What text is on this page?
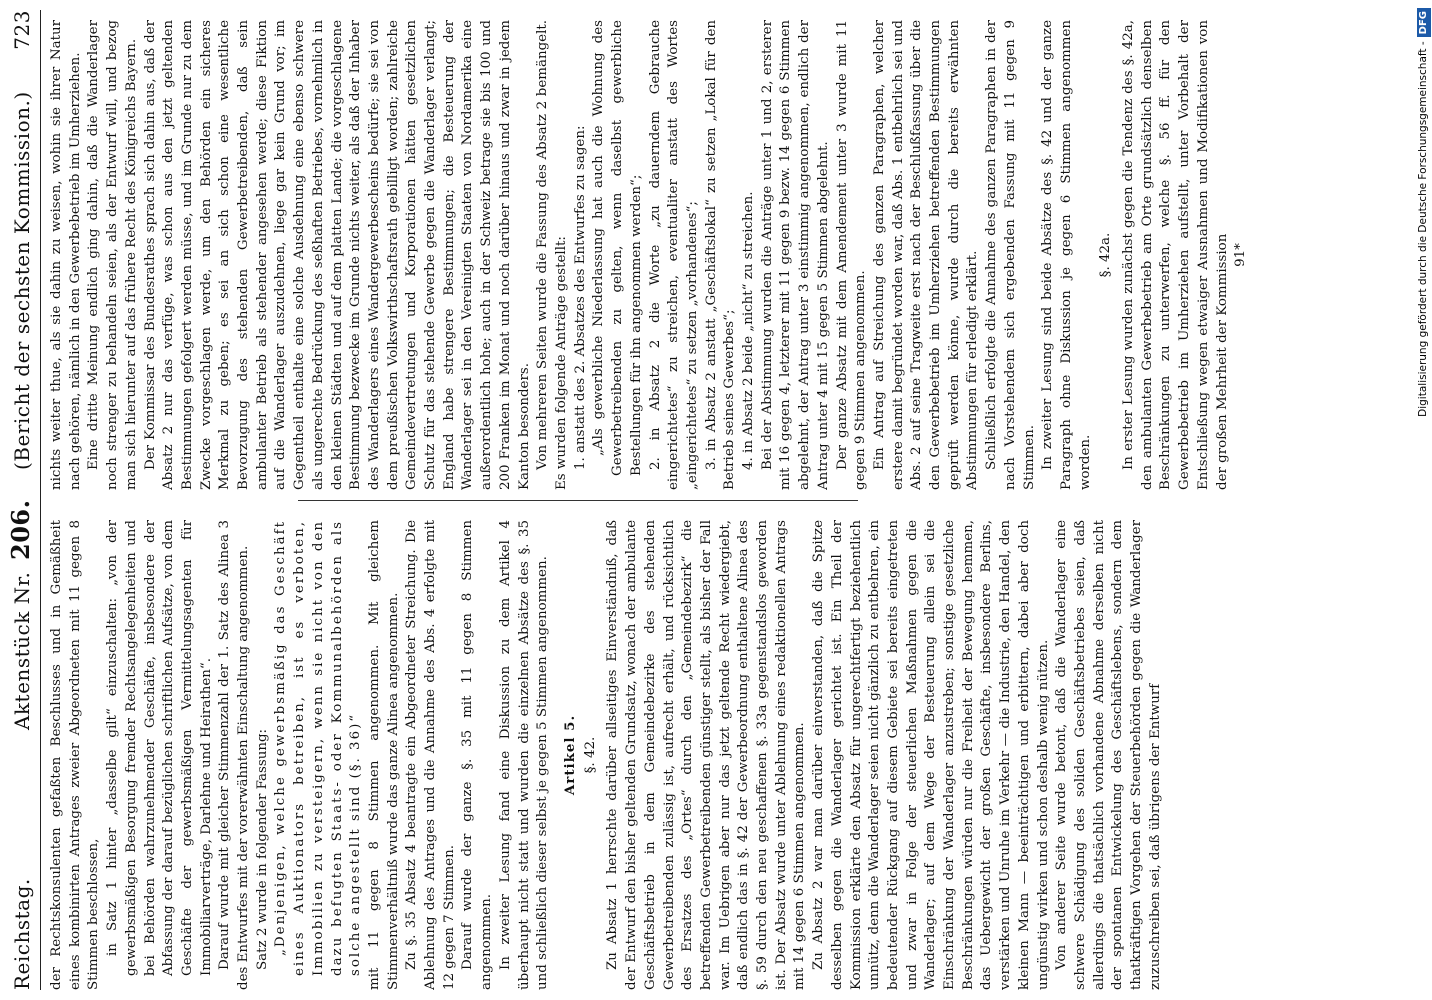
Reichstag.
Aktenstück Nr.
206.
(Bericht der sechsten Kommission.)
723

der Rechtskonsulenten gefaßten Beschlusses und in Gemäßheit eines kombinirten Antrages zweier Abgeordneten mit 11 gegen 8 Stimmen beschlossen, in Satz 1 hinter „dasselbe gilt“ einzuschalten: „von der gewerbsmäßigen Besorgung fremder Rechtsangelegenheiten und bei Behörden wahrzunehmender Geschäfte, insbesondere der Abfassung der darauf bezüglichen schriftlichen Aufsätze, von dem Geschäfte der gewerbsmäßigen Vermittelungsagenten für Immobiliarverträge, Darlehne und Heirathen“. Darauf wurde mit gleicher Stimmenzahl der 1. Satz des Alinea 3 des Entwurfes mit der vorerwähnten Einschaltung angenommen. Satz 2 wurde in folgender Fassung: „Denjenigen, welche gewerbsmäßig das Geschäft eines Auktionators betreiben, ist es verboten, Immobilien zu versteigern, wenn sie nicht von den dazu befugten Staats- oder Kommunalbehörden als solche angestellt sind (§. 36)“ mit 11 gegen 8 Stimmen angenommen. Mit gleichem Stimmenverhältniß wurde das ganze Alinea angenommen. Zu §. 35 Absatz 4 beantragte ein Abgeordneter Streichung. Die Ablehnung des Antrages und die Annahme des Abs. 4 erfolgte mit 12 gegen 7 Stimmen. Darauf wurde der ganze §. 35 mit 11 gegen 8 Stimmen angenommen. In zweiter Lesung fand eine Diskussion zu dem Artikel 4 überhaupt nicht statt und wurden die einzelnen Absätze des §. 35 und schließlich dieser selbst je gegen 5 Stimmen angenommen. Artikel 5. §. 42. Zu Absatz 1 herrschte darüber allseitiges Einverständniß, daß der Entwurf den bisher geltenden Grundsatz, wonach der ambulante Geschäftsbetrieb in dem Gemeindebezirke des stehenden Gewerbetreibenden zulässig ist, aufrecht erhält, und rücksichtlich des Ersatzes des „Ortes“ durch den „Gemeindebezirk“ die betreffenden Gewerbetreibenden günstiger stellt, als bisher der Fall war. Im Uebrigen aber nur das jetzt geltende Recht wiedergiebt, daß endlich das in §. 42 der Gewerbeordnung enthaltene Alinea des §. 59 durch den neu geschaffenen §. 33a gegenstandslos geworden ist. Der Absatz wurde unter Ablehnung eines redaktionellen Antrags mit 14 gegen 6 Stimmen angenommen. Zu Absatz 2 war man darüber einverstanden, daß die Spitze desselben gegen die Wanderlager gerichtet ist. Ein Theil der Kommission erklärte den Absatz für ungerechtfertigt beziehentlich unnütz, denn die Wanderlager seien nicht gänzlich zu entbehren, ein bedeutender Rückgang auf diesem Gebiete sei bereits eingetreten und zwar in Folge der steuerlichen Maßnahmen gegen die Wanderlager; auf dem Wege der Besteuerung allein sei die Einschränkung der Wanderlager anzustreben; sonstige gesetzliche Beschränkungen würden nur die Freiheit der Bewegung hemmen, das Uebergewicht der großen Geschäfte, insbesondere Berlins, verstärken und Unruhe im Verkehr — die Industrie, den Handel, den kleinen Mann — beeinträchtigen und erbittern, dabei aber doch ungünstig wirken und schon deshalb wenig nützen. Von anderer Seite wurde betont, daß die Wanderlager eine schwere Schädigung des soliden Geschäftsbetriebes seien, daß allerdings die thatsächlich vorhandene Abnahme derselben nicht der spontanen Entwickelung des Geschäftslebens, sondern dem thatkräftigen Vorgehen der Steuerbehörden gegen die Wanderlager zuzuschreiben sei, daß übrigens der Entwurf

nichts weiter thue, als sie dahin zu weisen, wohin sie ihrer Natur nach gehören, nämlich in den Gewerbebetrieb im Umherziehen. Eine dritte Meinung endlich ging dahin, daß die Wanderlager noch strenger zu behandeln seien, als der Entwurf will, und bezog man sich hierunter auf das frühere Recht des Königreichs Bayern. Der Kommissar des Bundesrathes sprach sich dahin aus, daß der Absatz 2 nur das verfüge, was schon aus den jetzt geltenden Bestimmungen gefolgert werden müsse, und im Grunde nur zu dem Zwecke vorgeschlagen werde, um den Behörden ein sicheres Merkmal zu geben; es sei an sich schon eine wesentliche Bevorzugung des stehenden Gewerbetreibenden, daß sein ambulanter Betrieb als stehender angesehen werde; diese Fiktion auf die Wanderlager auszudehnen, liege gar kein Grund vor; im Gegentheil enthalte eine solche Ausdehnung eine ebenso schwere als ungerechte Bedrückung des seßhaften Betriebes, vornehmlich in den kleinen Städten und auf dem platten Lande; die vorgeschlagene Bestimmung bezwecke im Grunde nichts weiter, als daß der Inhaber des Wanderlagers eines Wandergewerbescheins bedürfe; sie sei von dem preußischen Volkswirthschaftsrath gebilligt worden; zahlreiche Gemeindevertretungen und Korporationen hätten gesetzlichen Schutz für das stehende Gewerbe gegen die Wanderlager verlangt; England habe strengere Bestimmungen; die Besteuerung der Wanderlager sei in den Vereinigten Staaten von Nordamerika eine außerordentlich hohe; auch in der Schweiz betrage sie bis 100 und 200 Franken im Monat und noch darüber hinaus und zwar in jedem Kanton besonders. Von mehreren Seiten wurde die Fassung des Absatz 2 bemängelt. Es wurden folgende Anträge gestellt: 1. anstatt des 2. Absatzes des Entwurfes zu sagen: „Als gewerbliche Niederlassung hat auch die Wohnung des Gewerbetreibenden zu gelten, wenn daselbst gewerbliche Bestellungen für ihn angenommen werden“; 2. in Absatz 2 die Worte „zu dauerndem Gebrauche eingerichtetes“ zu streichen, eventualiter anstatt des Wortes „eingerichtetes“ zu setzen „vorhandenes“; 3. in Absatz 2 anstatt „Geschäftslokal“ zu setzen „Lokal für den Betrieb seines Gewerbes“; 4. in Absatz 2 beide „nicht“ zu streichen. Bei der Abstimmung wurden die Anträge unter 1 und 2, ersterer mit 16 gegen 4, letzterer mit 11 gegen 9 bezw. 14 gegen 6 Stimmen abgelehnt, der Antrag unter 3 einstimmig angenommen, endlich der Antrag unter 4 mit 15 gegen 5 Stimmen abgelehnt. Der ganze Absatz mit dem Amendement unter 3 wurde mit 11 gegen 9 Stimmen angenommen. Ein Antrag auf Streichung des ganzen Paragraphen, welcher erstere damit begründet worden war, daß Abs. 1 entbehrlich sei und Abs. 2 auf seine Tragweite erst nach der Beschlußfassung über die den Gewerbebetrieb im Umherziehen betreffenden Bestimmungen geprüft werden könne, wurde durch die bereits erwähnten Abstimmungen für erledigt erklärt. Schließlich erfolgte die Annahme des ganzen Paragraphen in der nach Vorstehendem sich ergebenden Fassung mit 11 gegen 9 Stimmen. In zweiter Lesung sind beide Absätze des §. 42 und der ganze Paragraph ohne Diskussion je gegen 6 Stimmen angenommen worden.

§. 42a. In erster Lesung wurden zunächst gegen die Tendenz des §. 42a, den ambulanten Gewerbebetrieb am Orte grundsätzlich denselben Beschränkungen zu unterwerfen, welche §. 56 ff. für den Gewerbebetrieb im Umherziehen aufstellt, unter Vorbehalt der Entschließung wegen etwaiger Ausnahmen und Modifikationen von der großen Mehrheit der Kommission 91*	Digitalisierung gefördert durch die Deutsche Forschungsgemeinschaft -DFG
